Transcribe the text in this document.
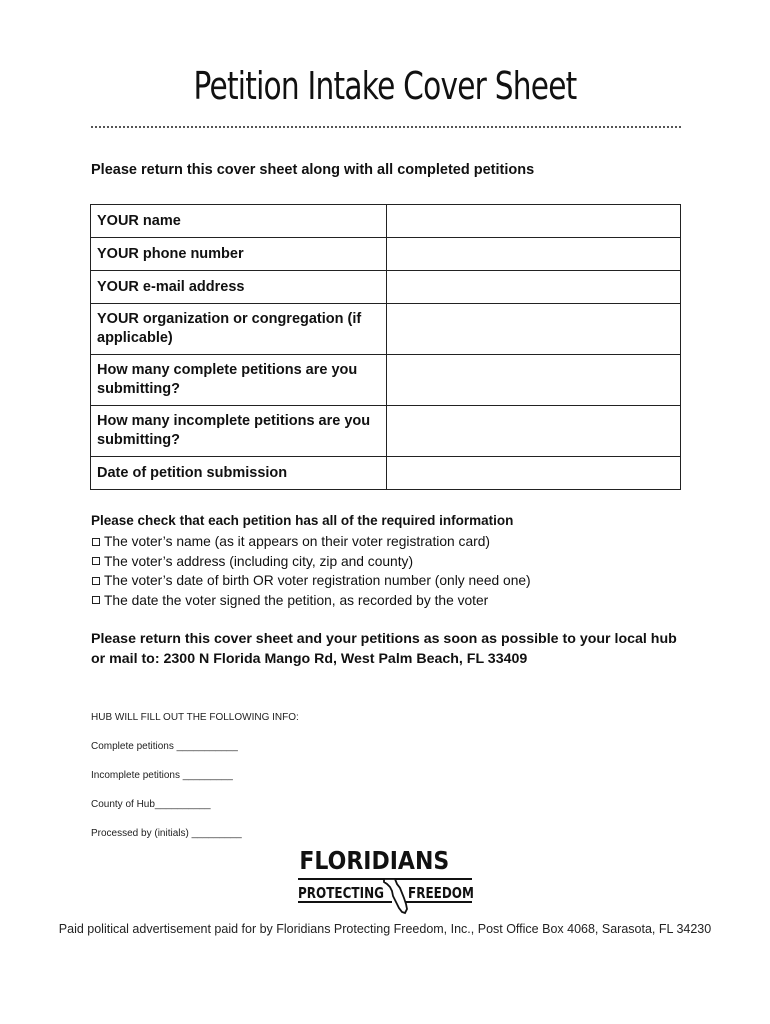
Petition Intake Cover Sheet
Please return this cover sheet along with all completed petitions
YOUR name	
YOUR phone number	
YOUR e-mail address	
YOUR organization or congregation (if applicable)	
How many complete petitions are you submitting?	
How many incomplete petitions are you submitting?	
Date of petition submission	
Please check that each petition has all of the required information
The voter’s name (as it appears on their voter registration card)
The voter’s address (including city, zip and county)
The voter’s date of birth OR voter registration number (only need one)
The date the voter signed the petition, as recorded by the voter
Please return this cover sheet and your petitions as soon as possible to your local hub or mail to: 2300 N Florida Mango Rd, West Palm Beach, FL 33409
HUB WILL FILL OUT THE FOLLOWING INFO:
Complete petitions ___________
Incomplete petitions _________
County of Hub__________
Processed by (initials) _________
FLORIDIANS
PROTECTING FREEDOM
Paid political advertisement paid for by Floridians Protecting Freedom, Inc., Post Office Box 4068, Sarasota, FL 34230
